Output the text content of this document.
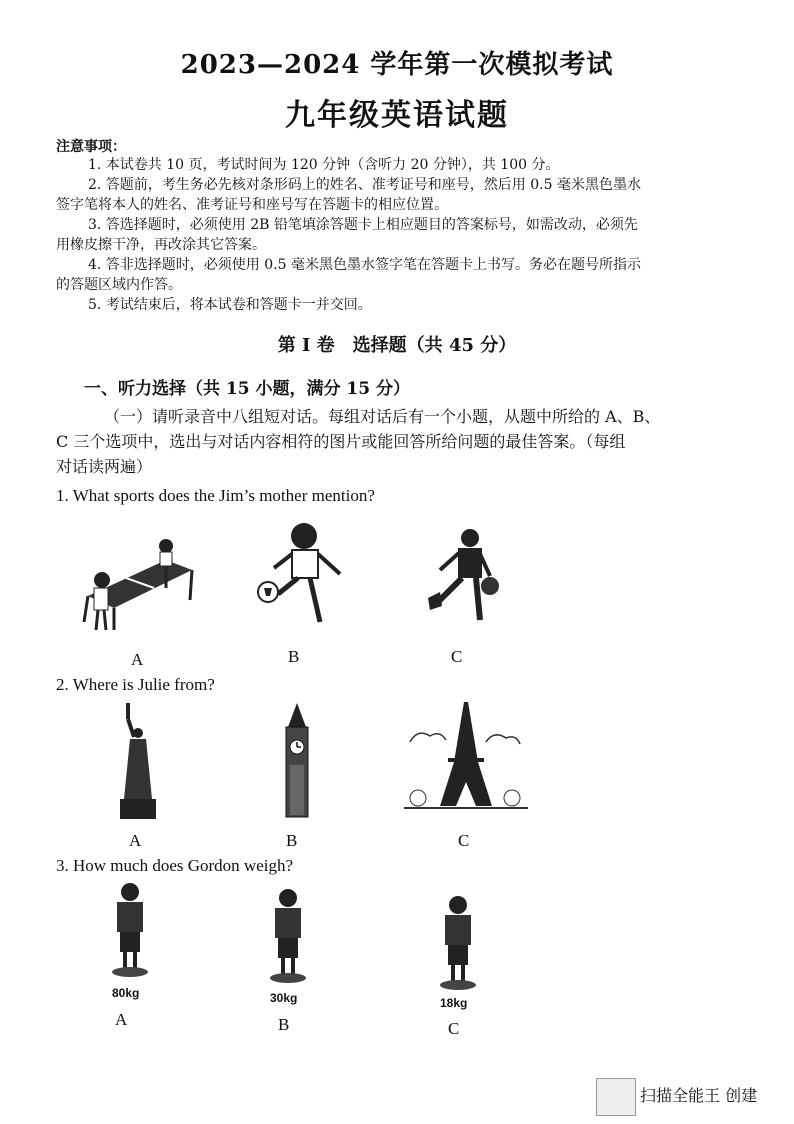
2023—2024 学年第一次模拟考试
九年级英语试题
注意事项：
1. 本试卷共 10 页，考试时间为 120 分钟（含听力 20 分钟），共 100 分。
2. 答题前，考生务必先核对条形码上的姓名、准考证号和座号，然后用 0.5 毫米黑色墨水
签字笔将本人的姓名、准考证号和座号写在答题卡的相应位置。
3. 答选择题时，必须使用 2B 铅笔填涂答题卡上相应题目的答案标号，如需改动，必须先
用橡皮擦干净，再改涂其它答案。
4. 答非选择题时，必须使用 0.5 毫米黑色墨水签字笔在答题卡上书写。务必在题号所指示
的答题区域内作答。
5. 考试结束后，将本试卷和答题卡一并交回。
第 I 卷　选择题（共 45 分）
一、听力选择（共 15 小题，满分 15 分）
（一）请听录音中八组短对话。每组对话后有一个小题，从题中所给的 A、B、
C 三个选项中，选出与对话内容相符的图片或能回答所给问题的最佳答案。（每组
对话读两遍）
1. What sports does the Jim’s mother mention?
A	B	C
2. Where is Julie from?
A	B	C
3. How much does Gordon weigh?
80kg	30kg	18kg
A	B	C
扫描全能王 创建
